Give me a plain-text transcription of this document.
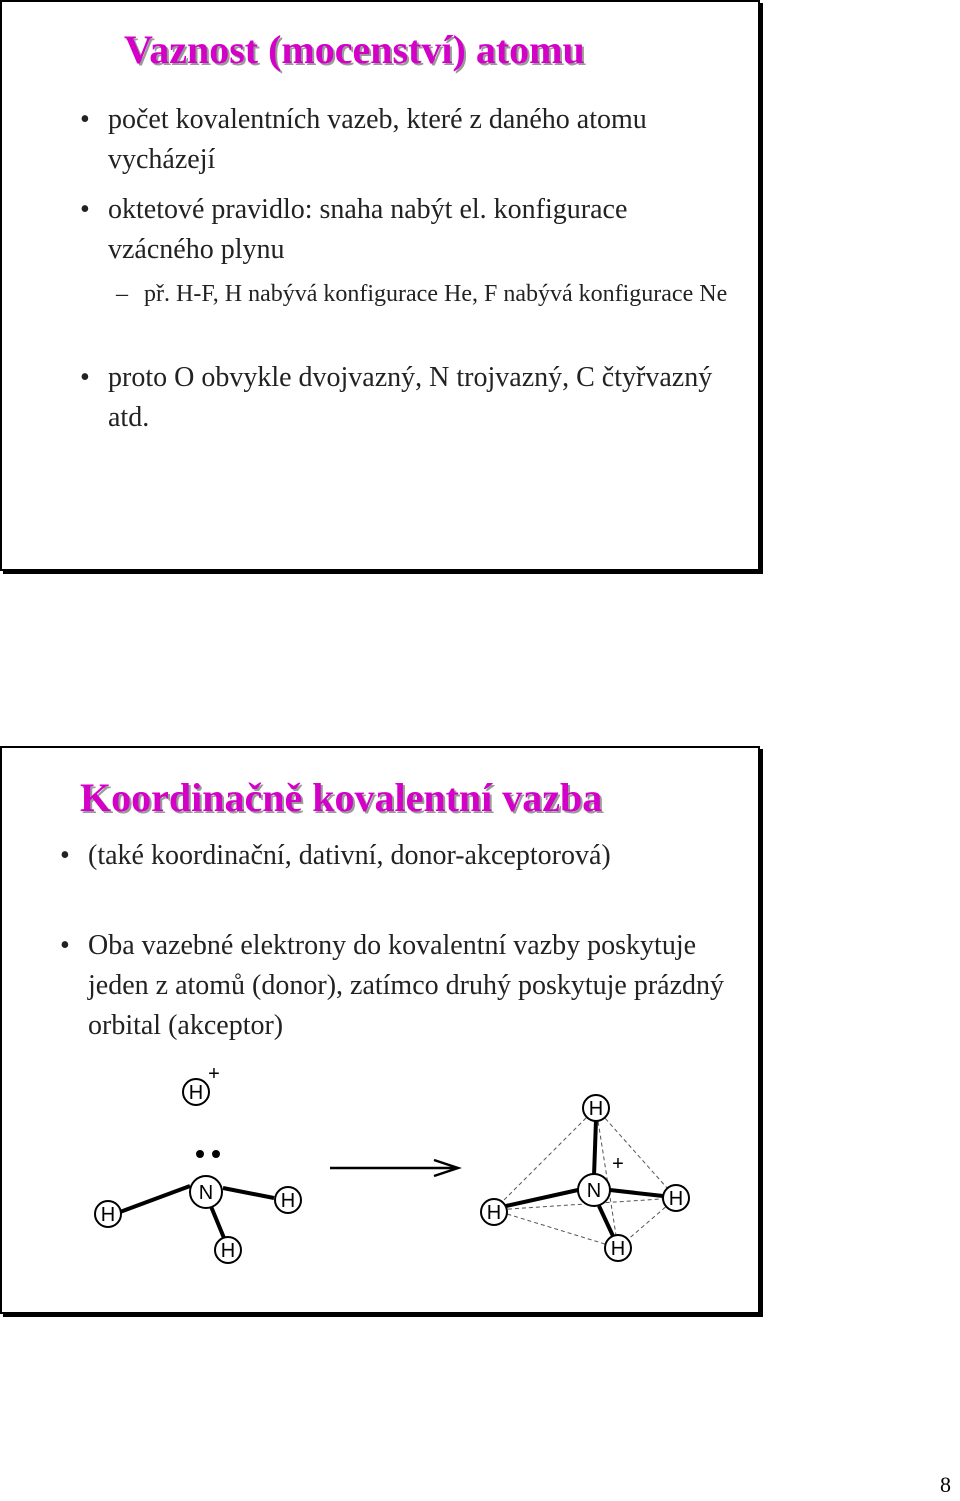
Vaznost (mocenství) atomu

• počet kovalentních vazeb, které z daného atomu vycházejí

• oktetové pravidlo: snaha nabýt el. konfigurace vzácného plynu

– př. H-F, H nabývá konfigurace He, F nabývá konfigurace Ne

• proto O obvykle dvojvazný, N trojvazný, C čtyřvazný atd.

Koordinačně kovalentní vazba

• (také koordinační, dativní, donor-akceptorová)

• Oba vazebné elektrony do kovalentní vazby poskytuje jeden z atomů (donor), zatímco druhý poskytuje prázdný orbital (akceptor)

H
+
N
H
H
H
N
+
H
H
H
H
8
